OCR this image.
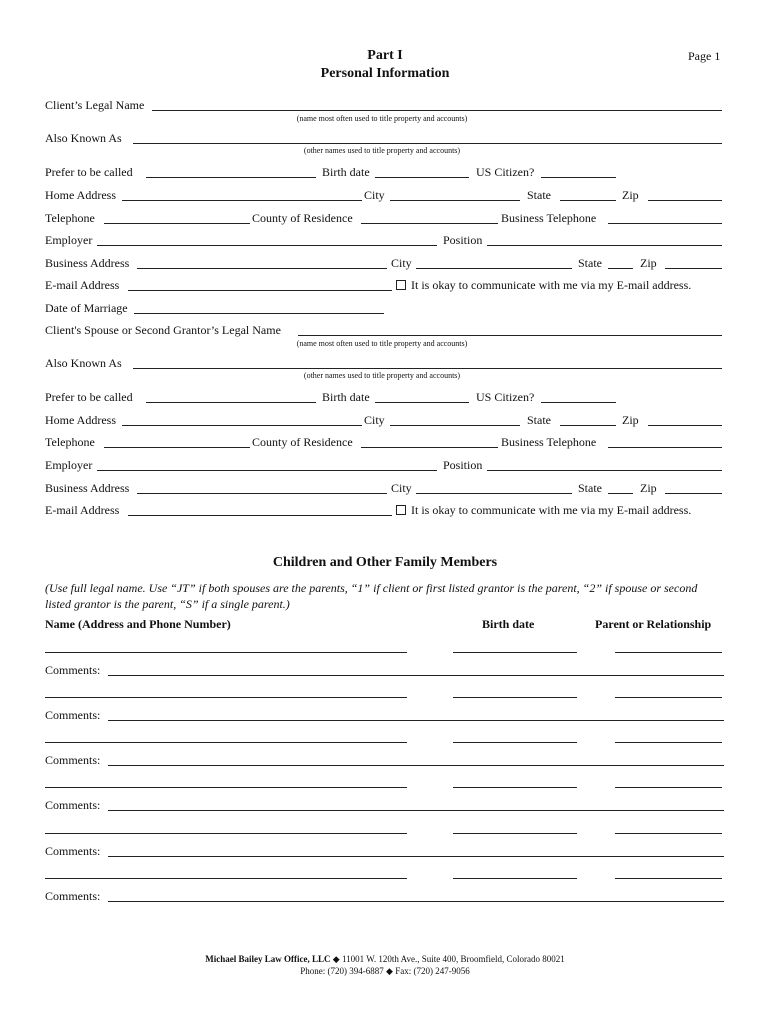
Page 1
Part I
Personal Information
Client’s Legal Name
(name most often used to title property and accounts)
Also Known As
(other names used to title property and accounts)
Prefer to be called	Birth date	US Citizen?
Home Address	City	State	Zip
Telephone	County of Residence	Business Telephone
Employer	Position
Business Address	City	State	Zip
E-mail Address	It is okay to communicate with me via my E-mail address.
Date of Marriage
Client's Spouse or Second Grantor’s Legal Name
(name most often used to title property and accounts)
Also Known As
(other names used to title property and accounts)
Prefer to be called	Birth date	US Citizen?
Home Address	City	State	Zip
Telephone	County of Residence	Business Telephone
Employer	Position
Business Address	City	State	Zip
E-mail Address	It is okay to communicate with me via my E-mail address.
Children and Other Family Members
(Use full legal name. Use “JT” if both spouses are the parents, “1” if client or first listed grantor is the parent, “2” if spouse or second listed grantor is the parent, “S” if a single parent.)
Name (Address and Phone Number)	Birth date	Parent or Relationship
Comments:
Comments:
Comments:
Comments:
Comments:
Comments:
Michael Bailey Law Office, LLC ◆ 11001 W. 120th Ave., Suite 400, Broomfield, Colorado 80021
Phone: (720) 394-6887 ◆ Fax: (720) 247-9056
